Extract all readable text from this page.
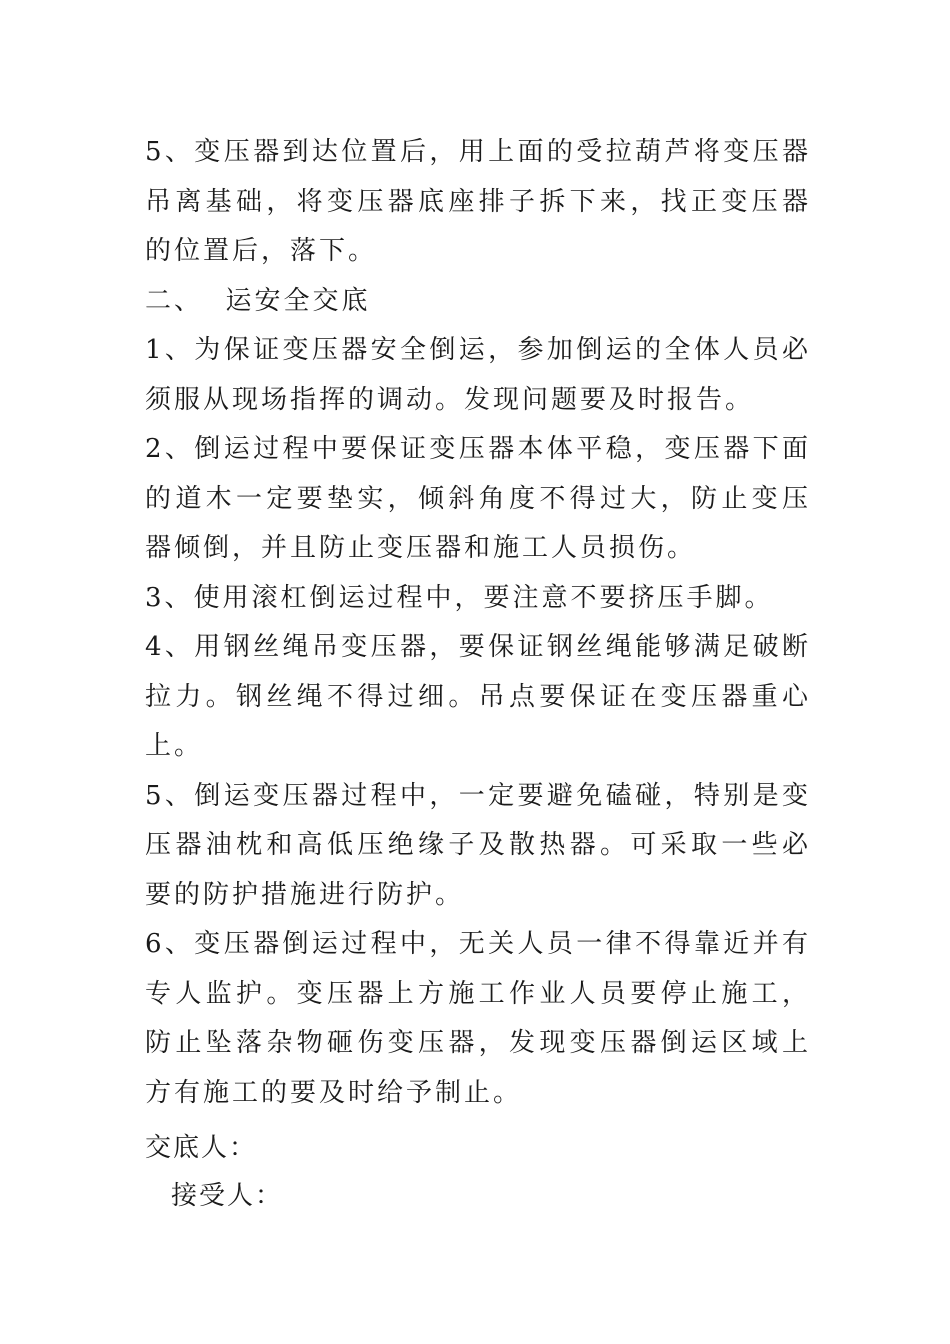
5、变压器到达位置后，用上面的受拉葫芦将变压器吊离基础，将变压器底座排子拆下来，找正变压器的位置后，落下。

二、  运安全交底

1、为保证变压器安全倒运，参加倒运的全体人员必须服从现场指挥的调动。发现问题要及时报告。

2、倒运过程中要保证变压器本体平稳，变压器下面的道木一定要垫实，倾斜角度不得过大，防止变压器倾倒，并且防止变压器和施工人员损伤。

3、使用滚杠倒运过程中，要注意不要挤压手脚。

4、用钢丝绳吊变压器，要保证钢丝绳能够满足破断拉力。钢丝绳不得过细。吊点要保证在变压器重心上。

5、倒运变压器过程中，一定要避免磕碰，特别是变压器油枕和高低压绝缘子及散热器。可采取一些必要的防护措施进行防护。

6、变压器倒运过程中，无关人员一律不得靠近并有专人监护。变压器上方施工作业人员要停止施工，防止坠落杂物砸伤变压器，发现变压器倒运区域上方有施工的要及时给予制止。

交底人：

接受人：
